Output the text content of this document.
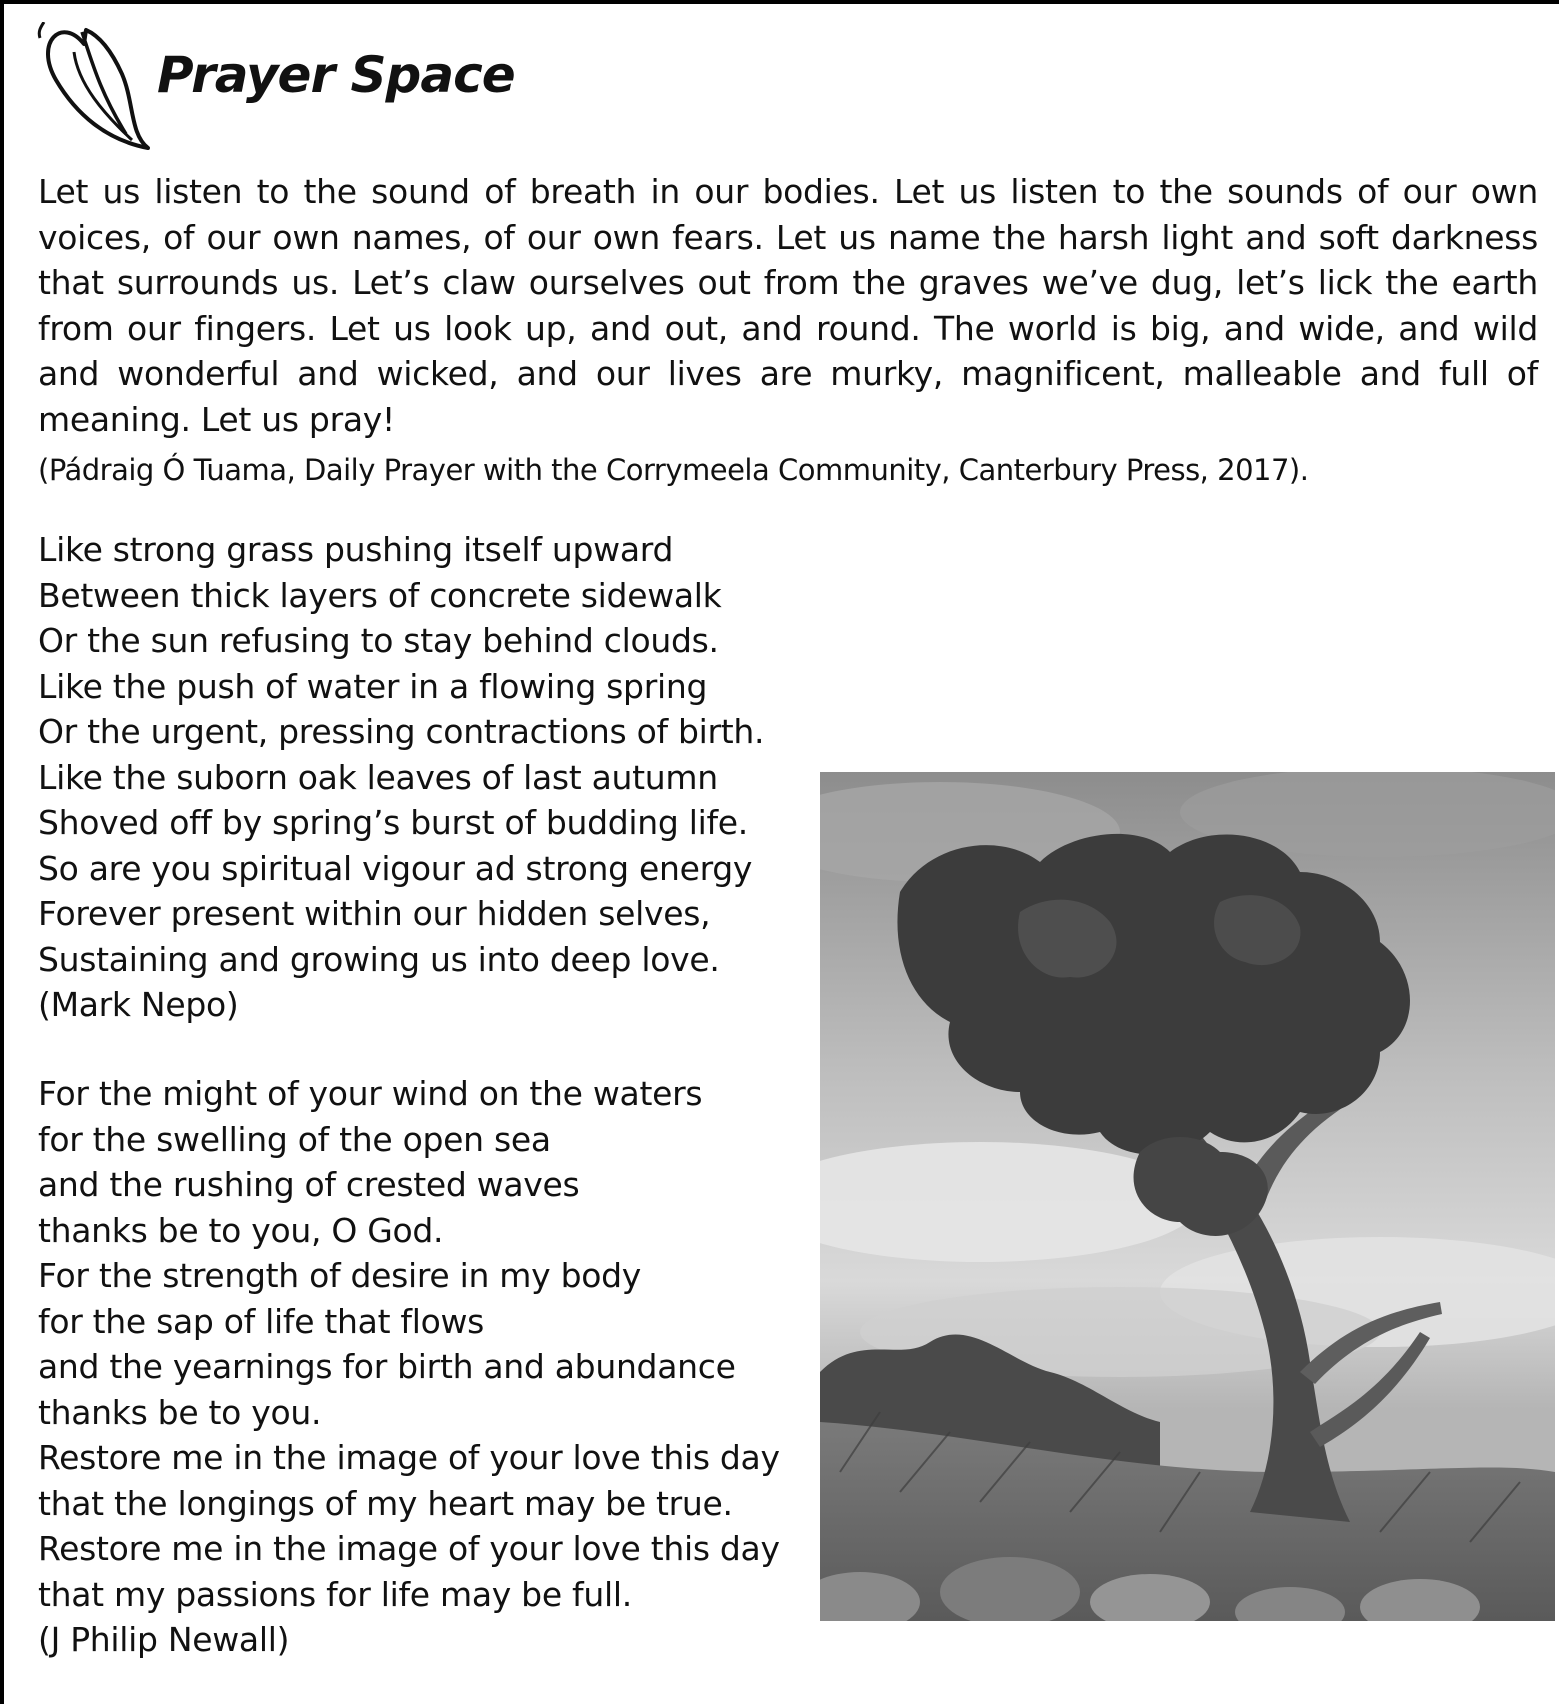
Prayer Space

Let us listen to the sound of breath in our bodies. Let us listen to the sounds of our own voices, of our own names, of our own fears. Let us name the harsh light and soft darkness that surrounds us. Let’s claw ourselves out from the graves we’ve dug, let’s lick the earth from our fingers. Let us look up, and out, and round. The world is big, and wide, and wild and wonderful and wicked, and our lives are murky, magnificent, malleable and full of meaning. Let us pray!

(Pádraig Ó Tuama, Daily Prayer with the Corrymeela Community, Canterbury Press, 2017).

Like strong grass pushing itself upward
Between thick layers of concrete sidewalk
Or the sun refusing to stay behind clouds.
Like the push of water in a flowing spring
Or the urgent, pressing contractions of birth.
Like the suborn oak leaves of last autumn
Shoved off by spring’s burst of budding life.
So are you spiritual vigour ad strong energy
Forever present within our hidden selves,
Sustaining and growing us into deep love.
(Mark Nepo)
For the might of your wind on the waters
for the swelling of the open sea
and the rushing of crested waves
thanks be to you, O God.
For the strength of desire in my body
for the sap of life that flows
and the yearnings for birth and abundance
thanks be to you.
Restore me in the image of your love this day
that the longings of my heart may be true.
Restore me in the image of your love this day
that my passions for life may be full.
(J Philip Newall)
